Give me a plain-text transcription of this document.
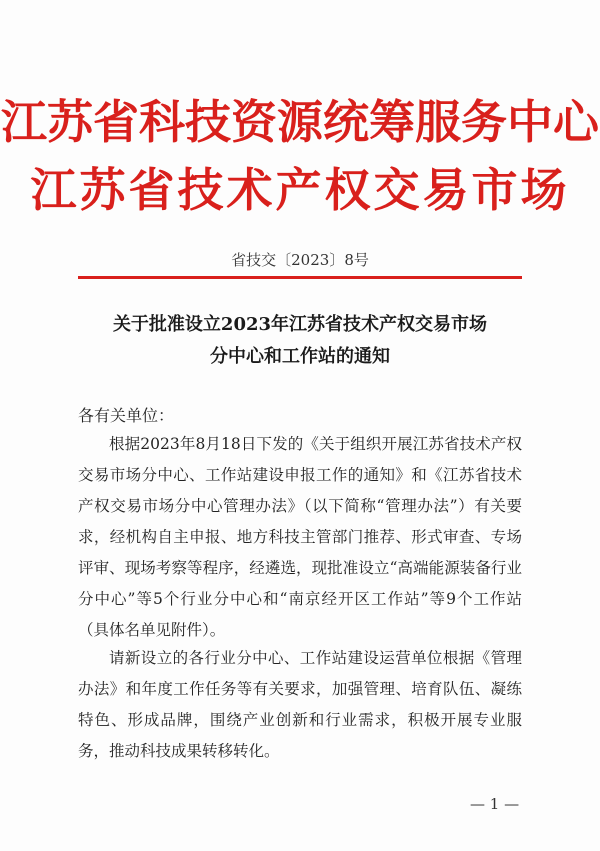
江苏省科技资源统筹服务中心
江苏省技术产权交易市场
省技交〔2023〕8号
关于批准设立2023年江苏省技术产权交易市场
分中心和工作站的通知
各有关单位：

根据2023年8月18日下发的《关于组织开展江苏省技术产权交易市场分中心、工作站建设申报工作的通知》和《江苏省技术产权交易市场分中心管理办法》（以下简称“管理办法”）有关要求，经机构自主申报、地方科技主管部门推荐、形式审查、专场评审、现场考察等程序，经遴选，现批准设立“高端能源装备行业分中心”等5个行业分中心和“南京经开区工作站”等9个工作站（具体名单见附件）。

请新设立的各行业分中心、工作站建设运营单位根据《管理办法》和年度工作任务等有关要求，加强管理、培育队伍、凝练特色、形成品牌，围绕产业创新和行业需求，积极开展专业服务，推动科技成果转移转化。

— 1 —
